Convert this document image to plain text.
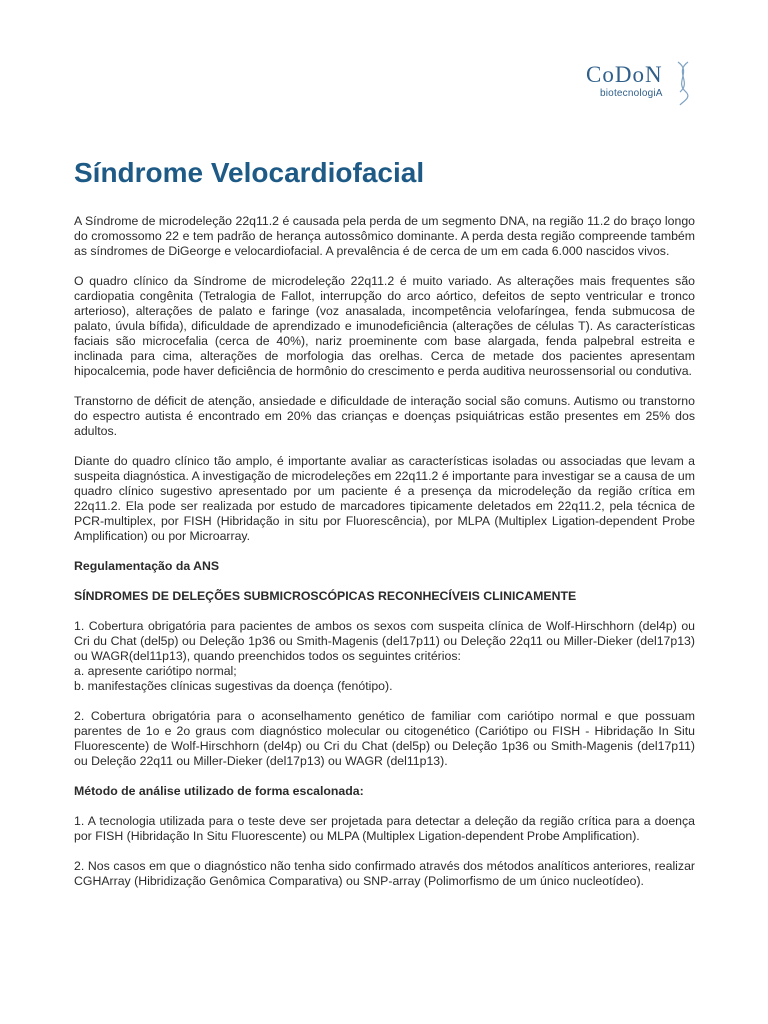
CoDoN
biotecnologiA
Síndrome Velocardiofacial

A Síndrome de microdeleção 22q11.2 é causada pela perda de um segmento DNA, na região 11.2 do braço longo do cromossomo 22 e tem padrão de herança autossômico dominante. A perda desta região compreende também as síndromes de DiGeorge e velocardiofacial. A prevalência é de cerca de um em cada 6.000 nascidos vivos.

O quadro clínico da Síndrome de microdeleção 22q11.2 é muito variado. As alterações mais frequentes são cardiopatia congênita (Tetralogia de Fallot, interrupção do arco aórtico, defeitos de septo ventricular e tronco arterioso), alterações de palato e faringe (voz anasalada, incompetência velofaríngea, fenda submucosa de palato, úvula bífida), dificuldade de aprendizado e imunodeficiência (alterações de células T). As características faciais são microcefalia (cerca de 40%), nariz proeminente com base alargada, fenda palpebral estreita e inclinada para cima, alterações de morfologia das orelhas. Cerca de metade dos pacientes apresentam hipocalcemia, pode haver deficiência de hormônio do crescimento e perda auditiva neurossensorial ou condutiva.

Transtorno de déficit de atenção, ansiedade e dificuldade de interação social são comuns. Autismo ou transtorno do espectro autista é encontrado em 20% das crianças e doenças psiquiátricas estão presentes em 25% dos adultos.

Diante do quadro clínico tão amplo, é importante avaliar as características isoladas ou associadas que levam a suspeita diagnóstica. A investigação de microdeleções em 22q11.2 é importante para investigar se a causa de um quadro clínico sugestivo apresentado por um paciente é a presença da microdeleção da região crítica em 22q11.2. Ela pode ser realizada por estudo de marcadores tipicamente deletados em 22q11.2, pela técnica de PCR-multiplex, por FISH (Hibridação in situ por Fluorescência), por MLPA (Multiplex Ligation-dependent Probe Amplification) ou por Microarray.

Regulamentação da ANS

SÍNDROMES DE DELEÇÕES SUBMICROSCÓPICAS RECONHECÍVEIS CLINICAMENTE

1. Cobertura obrigatória para pacientes de ambos os sexos com suspeita clínica de Wolf-Hirschhorn (del4p) ou Cri du Chat (del5p) ou Deleção 1p36 ou Smith-Magenis (del17p11) ou Deleção 22q11 ou Miller-Dieker (del17p13) ou WAGR(del11p13), quando preenchidos todos os seguintes critérios:

a. apresente cariótipo normal;

b. manifestações clínicas sugestivas da doença (fenótipo).

2. Cobertura obrigatória para o aconselhamento genético de familiar com cariótipo normal e que possuam parentes de 1o e 2o graus com diagnóstico molecular ou citogenético (Cariótipo ou FISH - Hibridação In Situ Fluorescente) de Wolf-Hirschhorn (del4p) ou Cri du Chat (del5p) ou Deleção 1p36 ou Smith-Magenis (del17p11) ou Deleção 22q11 ou Miller-Dieker (del17p13) ou WAGR (del11p13).

Método de análise utilizado de forma escalonada:

1. A tecnologia utilizada para o teste deve ser projetada para detectar a deleção da região crítica para a doença por FISH (Hibridação In Situ Fluorescente) ou MLPA (Multiplex Ligation-dependent Probe Amplification).

2. Nos casos em que o diagnóstico não tenha sido confirmado através dos métodos analíticos anteriores, realizar CGHArray (Hibridização Genômica Comparativa) ou SNP-array (Polimorfismo de um único nucleotídeo).
